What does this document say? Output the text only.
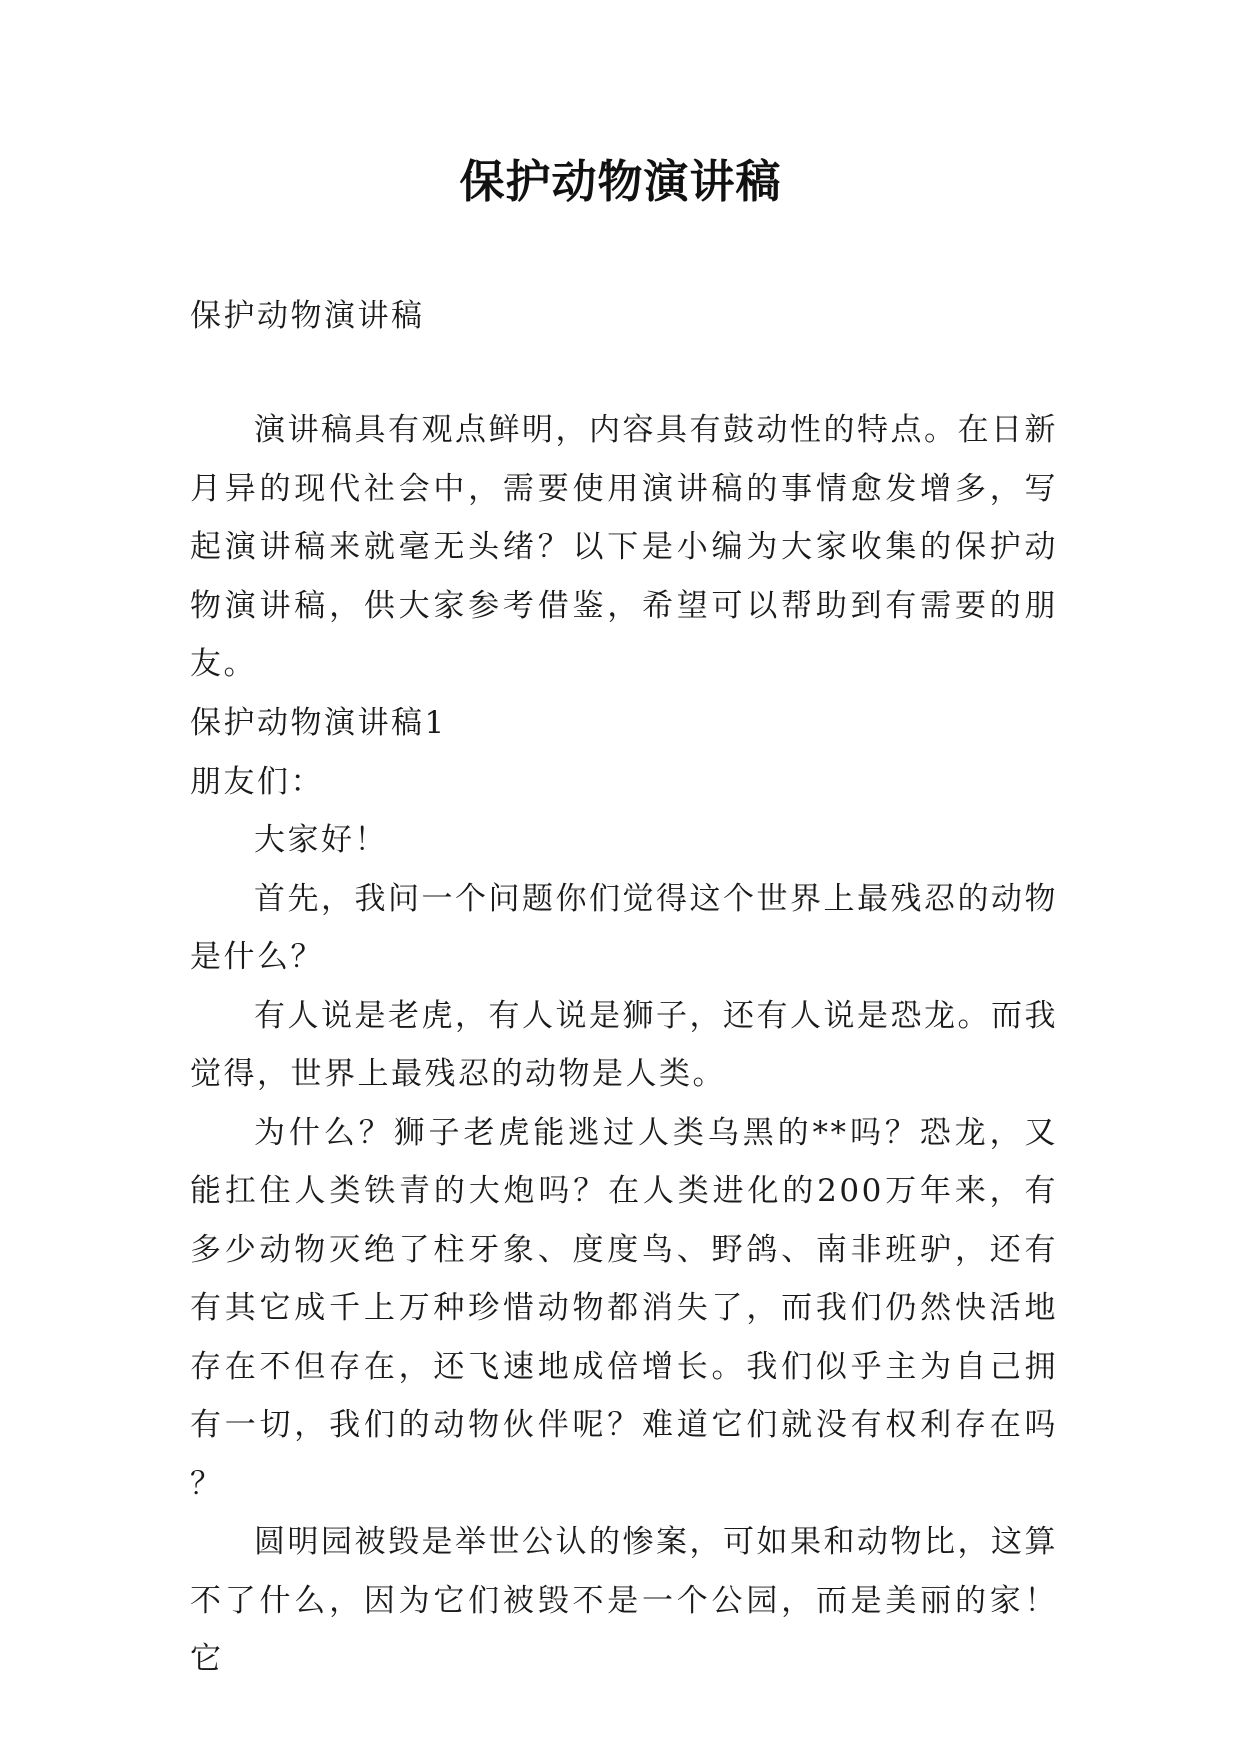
保护动物演讲稿
保护动物演讲稿

演讲稿具有观点鲜明，内容具有鼓动性的特点。在日新月异的现代社会中，需要使用演讲稿的事情愈发增多，写起演讲稿来就毫无头绪？以下是小编为大家收集的保护动物演讲稿，供大家参考借鉴，希望可以帮助到有需要的朋友。

保护动物演讲稿1

朋友们：

大家好！

首先，我问一个问题你们觉得这个世界上最残忍的动物是什么？

有人说是老虎，有人说是狮子，还有人说是恐龙。而我觉得，世界上最残忍的动物是人类。

为什么？狮子老虎能逃过人类乌黑的**吗？恐龙，又能扛住人类铁青的大炮吗？在人类进化的200万年来，有多少动物灭绝了柱牙象、度度鸟、野鸽、南非班驴，还有有其它成千上万种珍惜动物都消失了，而我们仍然快活地存在不但存在，还飞速地成倍增长。我们似乎主为自己拥有一切，我们的动物伙伴呢？难道它们就没有权利存在吗？

圆明园被毁是举世公认的惨案，可如果和动物比，这算不了什么，因为它们被毁不是一个公园，而是美丽的家！它
